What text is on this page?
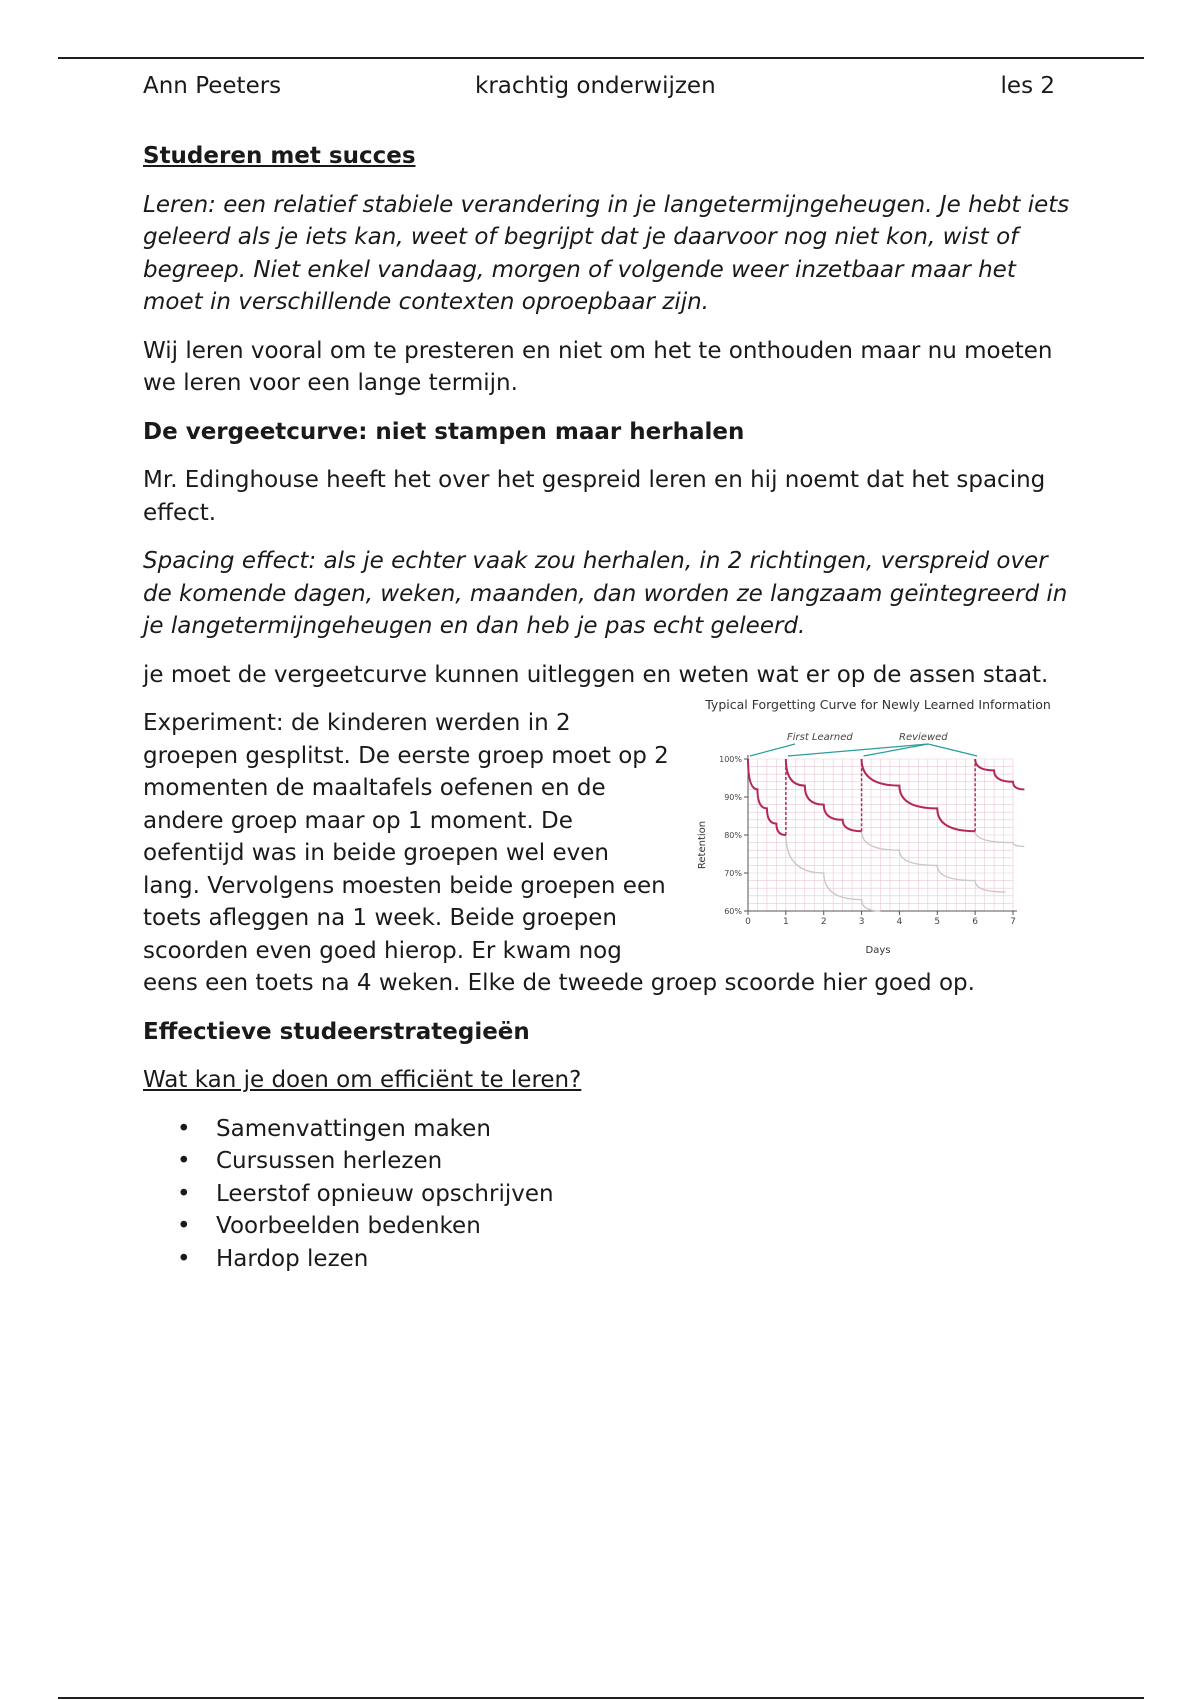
Ann Peeters	krachtig onderwijzen	les 2

Studeren met succes

Leren: een relatief stabiele verandering in je langetermijngeheugen. Je hebt iets geleerd als je iets kan, weet of begrijpt dat je daarvoor nog niet kon, wist of begreep. Niet enkel vandaag, morgen of volgende weer inzetbaar maar het moet in verschillende contexten oproepbaar zijn.

Wij leren vooral om te presteren en niet om het te onthouden maar nu moeten we leren voor een lange termijn.

De vergeetcurve: niet stampen maar herhalen

Mr. Edinghouse heeft het over het gespreid leren en hij noemt dat het spacing effect.

Spacing effect: als je echter vaak zou herhalen, in 2 richtingen, verspreid over de komende dagen, weken, maanden, dan worden ze langzaam geïntegreerd in je langetermijngeheugen en dan heb je pas echt geleerd.

je moet de vergeetcurve kunnen uitleggen en weten wat er op de assen staat.

Typical Forgetting Curve for Newly Learned Information
0	1	2	3	4	5	6	7
60%
70%
80%
90%
100%
First Learned	Reviewed
Days
Retention

Experiment: de kinderen werden in 2 groepen gesplitst. De eerste groep moet op 2 momenten de maaltafels oefenen en de andere groep maar op 1 moment. De oefentijd was in beide groepen wel even lang. Vervolgens moesten beide groepen een toets afleggen na 1 week. Beide groepen scoorden even goed hierop. Er kwam nog eens een toets na 4 weken. Elke de tweede groep scoorde hier goed op.

Effectieve studeerstrategieën

Wat kan je doen om efficiënt te leren?

• Samenvattingen maken
• Cursussen herlezen
• Leerstof opnieuw opschrijven
• Voorbeelden bedenken
• Hardop lezen
